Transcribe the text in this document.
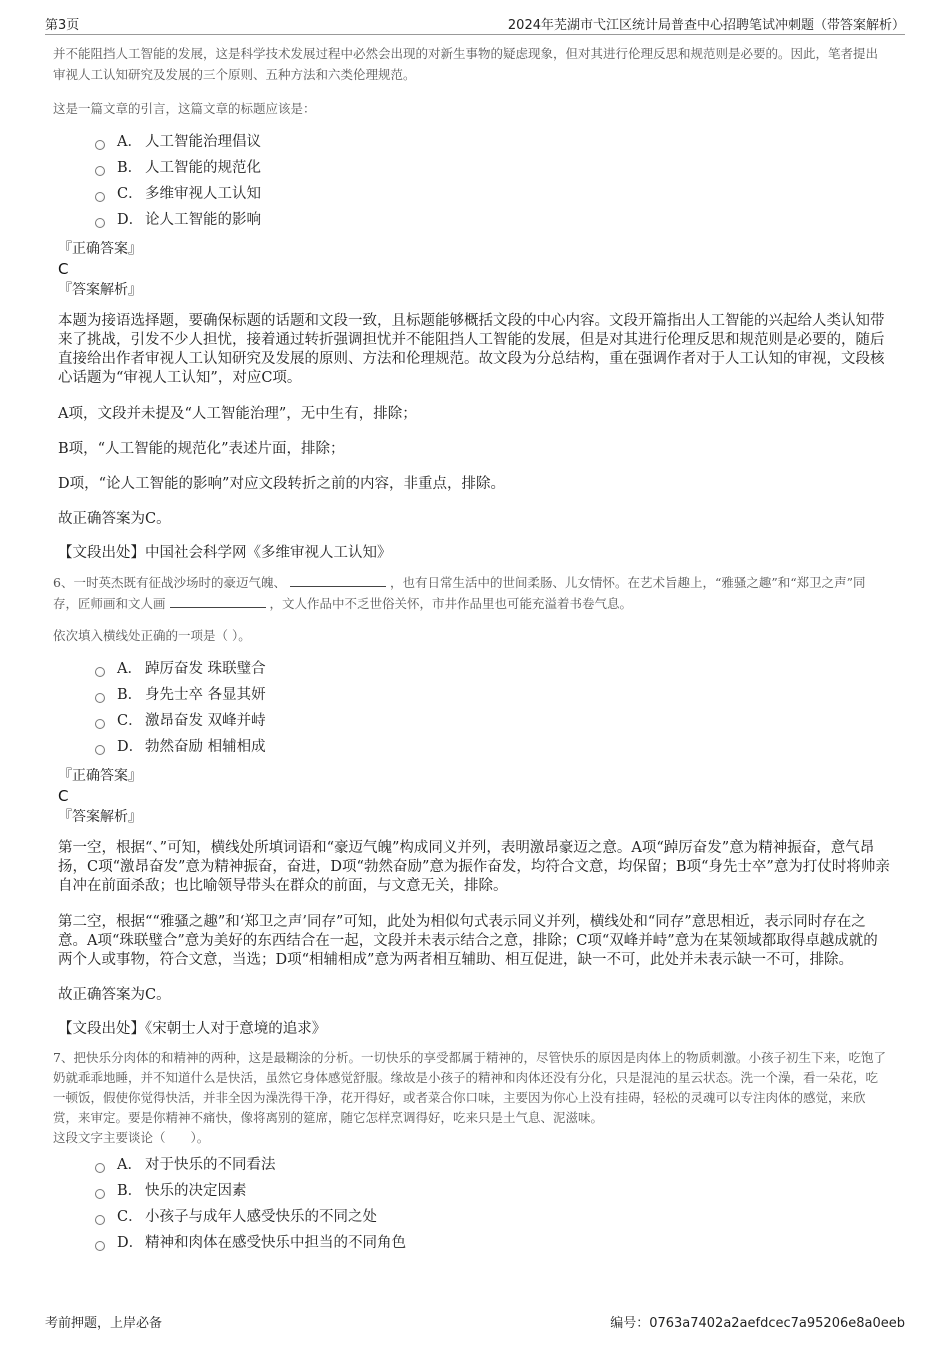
第3页	2024年芜湖市弋江区统计局普查中心招聘笔试冲刺题（带答案解析）
并不能阻挡人工智能的发展，这是科学技术发展过程中必然会出现的对新生事物的疑虑现象，但对其进行伦理反思和规范则是必要的。因此，笔者提出审视人工认知研究及发展的三个原则、五种方法和六类伦理规范。
这是一篇文章的引言，这篇文章的标题应该是：
A． 人工智能治理倡议
B． 人工智能的规范化
C． 多维审视人工认知
D． 论人工智能的影响
『正确答案』
C
『答案解析』
本题为接语选择题，要确保标题的话题和文段一致，且标题能够概括文段的中心内容。文段开篇指出人工智能的兴起给人类认知带来了挑战，引发不少人担忧，接着通过转折强调担忧并不能阻挡人工智能的发展，但是对其进行伦理反思和规范则是必要的，随后直接给出作者审视人工认知研究及发展的原则、方法和伦理规范。故文段为分总结构，重在强调作者对于人工认知的审视，文段核心话题为“审视人工认知”，对应C项。
A项，文段并未提及“人工智能治理”，无中生有，排除；
B项，“人工智能的规范化”表述片面，排除；
D项，“论人工智能的影响”对应文段转折之前的内容，非重点，排除。
故正确答案为C。
【文段出处】中国社会科学网《多维审视人工认知》
6、一时英杰既有征战沙场时的豪迈气魄、	，也有日常生活中的世间柔肠、儿女情怀。在艺术旨趣上，“雅骚之趣”和“郑卫之声”同存，匠师画和文人画	，文人作品中不乏世俗关怀，市井作品里也可能充溢着书卷气息。
依次填入横线处正确的一项是（ ）。
A． 踔厉奋发 珠联璧合
B． 身先士卒 各显其妍
C． 激昂奋发 双峰并峙
D． 勃然奋励 相辅相成
『正确答案』
C
『答案解析』
第一空，根据“、”可知，横线处所填词语和“豪迈气魄”构成同义并列，表明激昂豪迈之意。A项“踔厉奋发”意为精神振奋，意气昂扬，C项“激昂奋发”意为精神振奋，奋进，D项“勃然奋励”意为振作奋发，均符合文意，均保留；B项“身先士卒”意为打仗时将帅亲自冲在前面杀敌；也比喻领导带头在群众的前面，与文意无关，排除。
第二空，根据““雅骚之趣”和‘郑卫之声’同存”可知，此处为相似句式表示同义并列，横线处和“同存”意思相近，表示同时存在之意。A项“珠联璧合”意为美好的东西结合在一起，文段并未表示结合之意，排除；C项“双峰并峙”意为在某领域都取得卓越成就的两个人或事物，符合文意，当选；D项“相辅相成”意为两者相互辅助、相互促进，缺一不可，此处并未表示缺一不可，排除。
故正确答案为C。
【文段出处】《宋朝士人对于意境的追求》
7、把快乐分肉体的和精神的两种，这是最糊涂的分析。一切快乐的享受都属于精神的，尽管快乐的原因是肉体上的物质刺激。小孩子初生下来，吃饱了奶就乖乖地睡，并不知道什么是快活，虽然它身体感觉舒服。缘故是小孩子的精神和肉体还没有分化，只是混沌的星云状态。洗一个澡，看一朵花，吃一顿饭，假使你觉得快活，并非全因为澡洗得干净，花开得好，或者菜合你口味，主要因为你心上没有挂碍，轻松的灵魂可以专注肉体的感觉，来欣赏，来审定。要是你精神不痛快，像将离别的筵席，随它怎样烹调得好，吃来只是土气息、泥滋味。
这段文字主要谈论（　　）。
A． 对于快乐的不同看法
B． 快乐的决定因素
C． 小孩子与成年人感受快乐的不同之处
D． 精神和肉体在感受快乐中担当的不同角色
考前押题，上岸必备	编号：0763a7402a2aefdcec7a95206e8a0eeb
